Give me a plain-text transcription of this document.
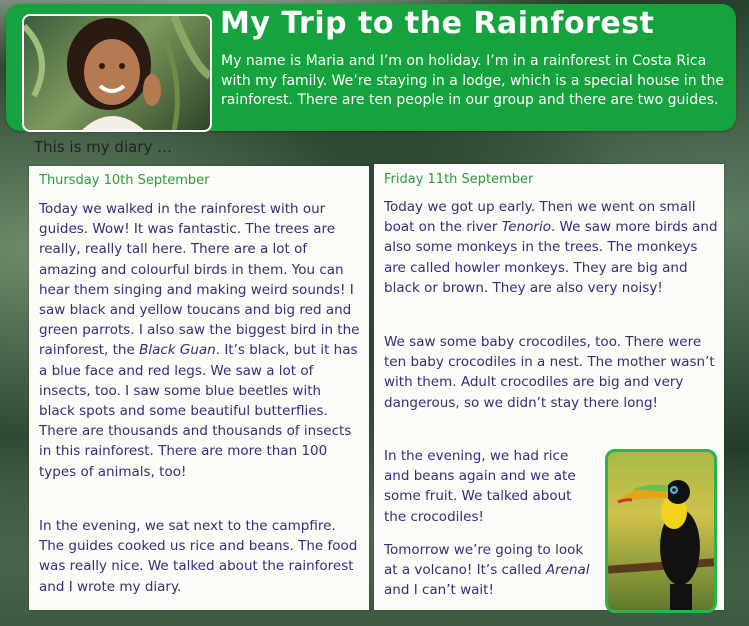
My Trip to the Rainforest

My name is Maria and I’m on holiday. I’m in a rainforest in Costa Rica with my family. We’re staying in a lodge, which is a special house in the rainforest. There are ten people in our group and there are two guides.

This is my diary …

Thursday 10th September

Today we walked in the rainforest with our guides. Wow! It was fantastic. The trees are really, really tall here. There are a lot of amazing and colourful birds in them. You can hear them singing and making weird sounds! I saw black and yellow toucans and big red and green parrots. I also saw the biggest bird in the rainforest, the Black Guan. It’s black, but it has a blue face and red legs. We saw a lot of insects, too. I saw some blue beetles with black spots and some beautiful butterflies. There are thousands and thousands of insects in this rainforest. There are more than 100 types of animals, too!

In the evening, we sat next to the campfire. The guides cooked us rice and beans. The food was really nice. We talked about the rainforest and I wrote my diary.

Friday 11th September

Today we got up early. Then we went on small boat on the river Tenorio. We saw more birds and also some monkeys in the trees. The monkeys are called howler monkeys. They are big and black or brown. They are also very noisy!

We saw some baby crocodiles, too. There were ten baby crocodiles in a nest. The mother wasn’t with them. Adult crocodiles are big and very dangerous, so we didn’t stay there long!

In the evening, we had rice and beans again and we ate some fruit. We talked about the crocodiles!

Tomorrow we’re going to look at a volcano! It’s called Arenal and I can’t wait!
